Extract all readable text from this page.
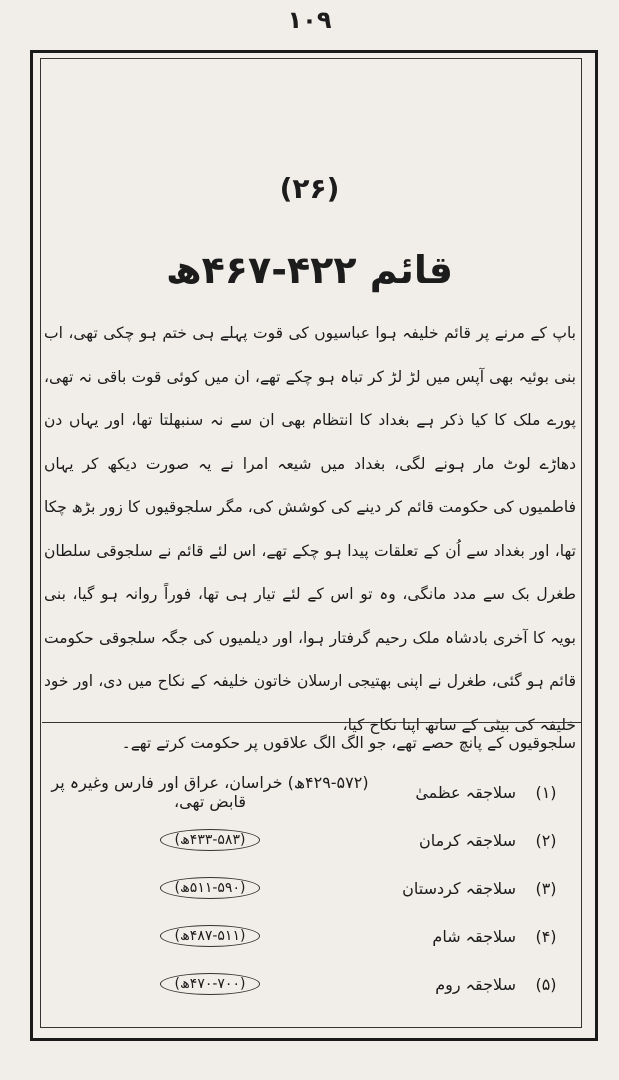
۱۰۹
(۲۶)
قائم ۴۲۲-۴۶۷ھ
باپ کے مرنے پر قائم خلیفہ ہوا عباسیوں کی قوت پہلے ہی ختم ہو چکی تھی، اب بنی بوئیہ بھی آپس میں لڑ لڑ کر تباہ ہو چکے تھے، ان میں کوئی قوت باقی نہ تھی، پورے ملک کا کیا ذکر ہے بغداد کا انتظام بھی ان سے نہ سنبھلتا تھا، اور یہاں دن دھاڑے لوٹ مار ہونے لگی، بغداد میں شیعہ امرا نے یہ صورت دیکھ کر یہاں فاطمیوں کی حکومت قائم کر دینے کی کوشش کی، مگر سلجوقیوں کا زور بڑھ چکا تھا، اور بغداد سے اُن کے تعلقات پیدا ہو چکے تھے، اس لئے قائم نے سلجوقی سلطان طغرل بک سے مدد مانگی، وہ تو اس کے لئے تیار ہی تھا، فوراً روانہ ہو گیا، بنی بویہ کا آخری بادشاہ ملک رحیم گرفتار ہوا، اور دیلمیوں کی جگہ سلجوقی حکومت قائم ہو گئی، طغرل نے اپنی بھتیجی ارسلان خاتون خلیفہ کے نکاح میں دی، اور خود خلیفہ کی بیٹی کے ساتھ اپنا نکاح کیا،
سلجوقیوں کے پانچ حصے تھے، جو الگ الگ علاقوں پر حکومت کرتے تھے۔
(۱)
سلاجقہ عظمیٰ
(۴۲۹-۵۷۲ھ) خراسان، عراق اور فارس وغیرہ پر قابض تھی،
(۲)
سلاجقہ کرمان
(۴۳۳-۵۸۳ھ)
(۳)
سلاجقہ کردستان
(۵۱۱-۵۹۰ھ)
(۴)
سلاجقہ شام
(۴۸۷-۵۱۱ھ)
(۵)
سلاجقہ روم
(۴۷۰-۷۰۰ھ)
